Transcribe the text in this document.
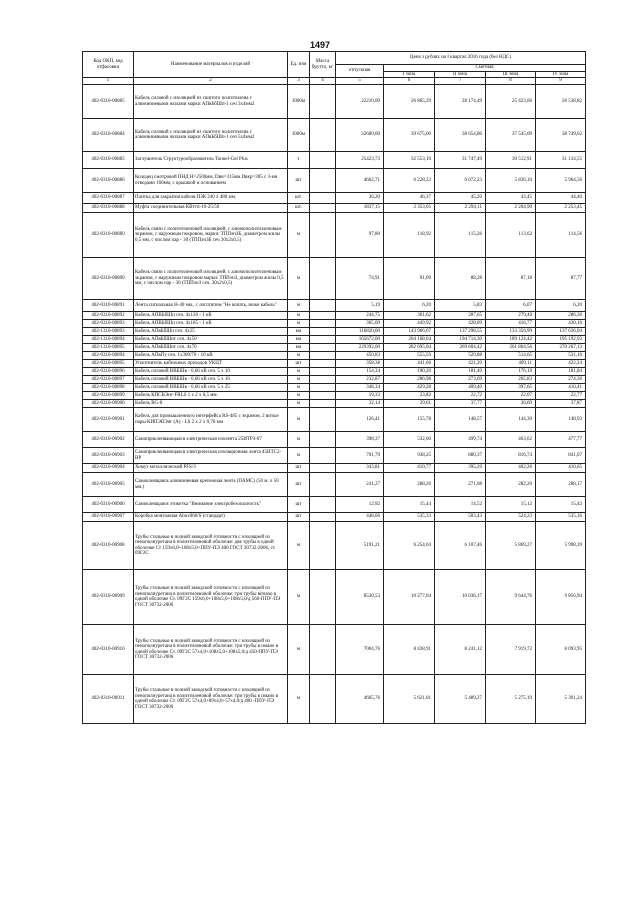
1497
Код ОКП, код отфасовки	Наименование материалов и изделий	Ед. изм	Масса брутто, кг	Цена з рублях на I квартал 2016 года (без НДС)				
				отпускная	Сметная			
					I зона	II зона	III зона	IV зона
1	2	3	4	5	6	7	8	9
402-0310-00885	Кабель силовой с изоляцией из сшитого полиэтилена с алюминиевыми жилами марки АПвБбШп-1 сеч 3х4мм2	1000м		22210,00	26 865,29	28 174,49	25 423,06	26 538,82
402-0310-00884	Кабель силовой с изоляцией из сшитого полиэтилена с алюминиевыми жилами марки АПвБбШп-1 сеч 5х4мм2	1000м		32600,00	39 675,00	38 654,80	37 545,09	38 749,62
402-0310-00885	Заглушитель Структурообразователь Tunnel-Gel Plus	т		25423,73	32 553,10	31 747,49	30 512,91	31 134,55
402-0310-00886	Колодец смотровой ПНД Н=2500мм, Dвн=315мм Dвкр=305 с 3-мя отводами 160мм, с крышкой и основанием	шт		4662,71	6 228,23	6 072,23	5 836,10	5 964,56
402-0310-00887	Плитка для закрытия кабеля ПЗК 240 х 480 мм.	шт.		36,20	46,37	45,20	43,45	44,40
402-0310-00888	Муфта соединительная КВттп-10-25/50	шт.		1837,15	2 353,05	2 294,11	2 204,90	2 253,45
402-0310-00889	Кабель связи с полиэтиленовой изоляцией, с алюмополиэтиленовым экраном, с наружным покровом, марки: ТППэпЗБ, диаметром жилы 0,5 мм, с числом пар - 30 (ТППэпЗБ сеч 30х2х0,5)	м		97,80	118,92	115,26	113,62	114,56
402-0310-00890	Кабель связи с полиэтиленовой изоляцией, с алюмополиэтиленовым экраном, с наружным покровом марки: ТППэпЗ, диаметром жилы 0,5 мм, с числом пар - 30 (ТППэпЗ сеч. 30х2х0,5)	м		74,91	91,09	88,28	87,18	87,77
402-0310-00891	Лента сигнальная Н-40 мм., с логотипом "Не копать, ниже кабель"	м		5,19	6,20	5,83	6,07	6,20
402-0310-00892	Кабель АПВБбШп сеч. 4х120 - 1 кВ	м		244,75	301,62	287,65	279,40	286,36
402-0310-00893	Кабель АПВБбШп сеч. 4х185 - 1 кВ	м		365,09	449,92	428,09	416,77	430,16
402-1310-00893	Кабель АПвБбШп сеч. 4х25	км		116820,00	143 966,07	137 298,55	133 356,99	137 636,04
402-1310-00894	Кабель АПвБбШнг сеч. 4х50	км		165672,00	204 168,64	194 714,30	189 124,42	195 192,93
402-1310-00895	Кабель АПвБбШнг сеч. 4х70	км		229392,00	282 695,04	269 604,42	261 864,56	270 267,13
402-0310-00894	Кабель АПвПу сеч. 1х300/70 - 10 кВ	м		450,83	555,59	529,88	514,65	531,16
402-0310-00895	Уплотнитель кабельных проходов УКЦТ	шт		358,38	441,66	421,20	409,11	422,24
402-0310-00896	Кабель силовой ВВБШв - 0,66 кВ сеч. 5 х 10	м		154,34	190,20	181,40	176,19	181,84
402-0310-00897	Кабель силовой ВВБШв - 0,66 кВ сеч. 5 х 16	м		232,87	286,98	273,69	265,83	274,36
402-0310-00898	Кабель силовой ВВБШв - 0,66 кВ сеч. 5 х 25	м		348,34	429,28	409,40	397,65	410,41
402-0310-00899	Кабель КПСВЭнг-FRLS 1 х 2 х 0,5 мм.	м		19,33	23,82	22,72	22,07	22,77
402-0310-00900	Кабель RG-8	м		32,14	39,61	37,77	36,69	37,87
402-0310-00901	Кабель для промышленного интерфейса RS-485 с экраном, 2 витые пары КИПЭВЭнг (А) - LS 2 х 2 х 0,78 мм	м		126,41	155,78	148,57	144,30	148,93
402-0310-00902	Самоприклеивающаяся электрическая изолента 25ИТРЗ-07	м		398,37	532,60	499,74	463,62	477,77
402-0310-00903	Самоприклеивающаяся электрическая изоляционная лента 45ИТС2-ВР	м		701,79	938,25	880,37	816,74	841,67
402-0310-00904	Хомут металлический PFS/3	шт		343,81	410,77	395,29	402,26	410,65
402-0310-00905	Самоклеящаяся алюминиевая крепежная лента (ПАМС) (50 м. х 50 мм.)	шт		241,27	288,26	271,08	282,20	288,17
402-0310-00906	Самоклеящаяся этикетка "Внимание электробезопасность"	шт		12,92	15,44	14,52	15,12	15,43
402-0310-00907	Коробка монтажная Abox060/S (стандарт)	шт		448,06	535,33	503,43	524,23	535,16
402-0310-00908	Трубы стальные в полной заводской готовности с изоляцией из пенополиуретана в полиэтиленовой оболочке: две трубы в одной оболочке Ст 159х6,0+108х5,0+ППУ-ПЭ 400 ГОСТ 30732-2006, ст 09Г2С	м		5191,21	6 254,04	6 107,46	5 869,27	5 998,39
402-0310-00909	Трубы стальные в полной заводской готовности с изоляцией из пенополиуретана в полиэтиленовой оболочке: три трубы вimanо в одной оболочке Ст. 09Г2С 159х6,0+108х5,0+108х5,0/д 560-ППУ-ПЭ ГОСТ 30732-2006	м		8530,53	10 277,04	10 036,17	9 644,76	9 856,94
402-0310-00910	Трубы стальные в полной заводской готовности с изоляцией из пенополиуретана в полиэтиленовой оболочке: три трубы в имано в одной оболочке Ст. 09Г2С 57х4,0+108х5,0+108х5,0/д 450-ППУ-ПЭ ГОСТ 30732-2006	м		7004,76	8 438,91	8 241,12	7 919,72	8 093,95
402-0310-00911	Трубы стальные в полной заводской готовности с изоляцией из пенополиуретана в полиэтиленовой оболочке: три трубы в имано в одной оболочке Ст. 09Г2С 57х4,0+89х4,0+57х4,0/д 400 -ППУ-ПЭ ГОСТ 30732-2006	м		4665,76	5 621,01	5 489,27	5 275,19	5 391,24
